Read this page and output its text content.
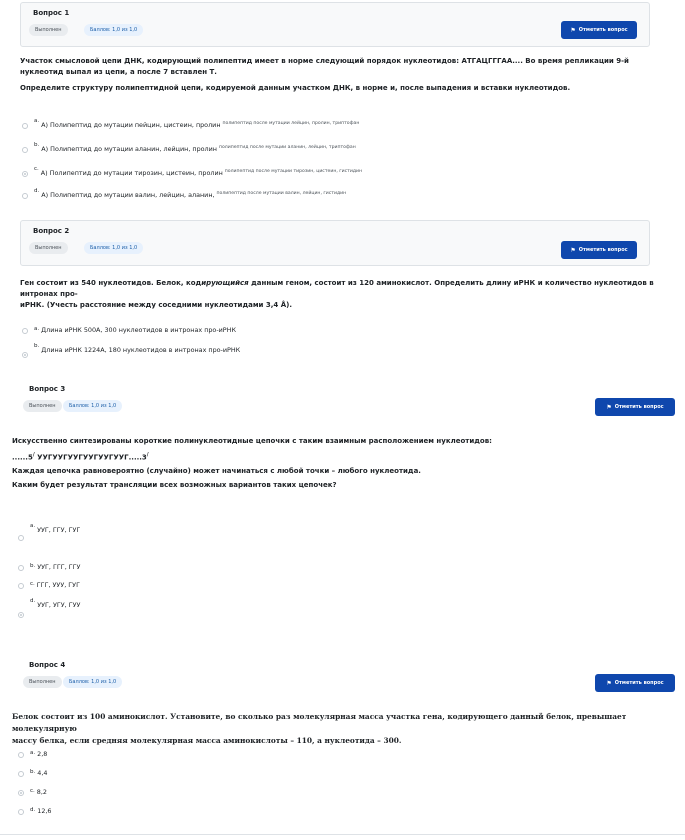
Вопрос 1
Выполнен	Баллов: 1,0 из 1,0	⚑ Отметить вопрос
Участок смысловой цепи ДНК, кодирующий полипептид имеет в норме следующий порядок нуклеотидов: АТГАЦГГГАА.... Во время репликации 9-й нуклеотид выпал из цепи, а после 7 вставлен Т.
Определите структуру полипептидной цепи, кодируемой данным участком ДНК, в норме и, после выпадения и вставки нуклеотидов.
a. А) Полипептид до мутации пейцин, цистеин, пролин полипептид после мутации лейцин, пролин, триптофан
b. А) Полипептид до мутации аланин, лейцин, пролин полипептид после мутации аланин, лейцин, триптофан
c. А) Полипептид до мутации тирозин, цистеин, пролин полипептид после мутации тирозин, цистеин, гистидин
d. А) Полипептид до мутации валин, лейцин, аланин, полипептид после мутации валин, лейцин, гистидин
Вопрос 2
Выполнен	Баллов: 1,0 из 1,0	⚑ Отметить вопрос
Ген состоит из 540 нуклеотидов. Белок, кодирующийся данным геном, состоит из 120 аминокислот. Определить длину иРНК и количество нуклеотидов в интронах про-
иРНК. (Учесть расстояние между соседними нуклеотидами 3,4 Å).
a. Длина иРНК 500А, 300 нуклеотидов в интронах про-иРНК
b. Длина иРНК 1224А, 180 нуклеотидов в интронах про-иРНК
Вопрос 3
Выполнен	Баллов: 1,0 из 1,0	⚑ Отметить вопрос
Искусственно синтезированы короткие полинуклеотидные цепочки с таким взаимным расположением нуклеотидов:
......5/ УУГУУГУУГУУГУУГУУГ.....3/
Каждая цепочка равновероятно (случайно) может начинаться с любой точки – любого нуклеотида.
Каким будет результат трансляции всех возможных вариантов таких цепочек?
a. УУГ, ГГУ, ГУГ
b. УУГ, ГГГ, ГГУ
c. ГГГ, УУУ, ГУГ
d. УУГ, УГУ, ГУУ
Вопрос 4
Выполнен	Баллов: 1,0 из 1,0	⚑ Отметить вопрос
Белок состоит из 100 аминокислот. Установите, во сколько раз молекулярная масса участка гена, кодирующего данный белок, превышает молекулярную
массу белка, если средняя молекулярная масса аминокислоты – 110, а нуклеотида – 300.
a. 2,8
b. 4,4
c. 8,2
d. 12,6
